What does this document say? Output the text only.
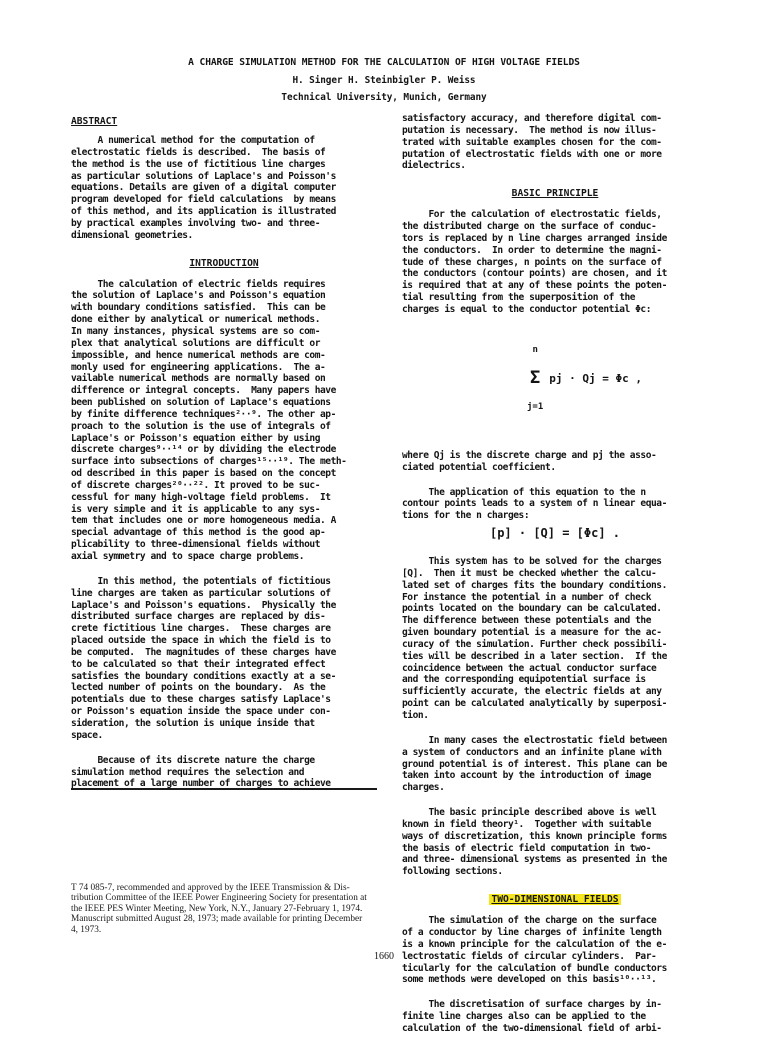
A CHARGE SIMULATION METHOD FOR THE CALCULATION OF HIGH VOLTAGE FIELDS
H. Singer H. Steinbigler P. Weiss
Technical University, Munich, Germany
ABSTRACT
A numerical method for the computation of
electrostatic fields is described.  The basis of
the method is the use of fictitious line charges
as particular solutions of Laplace's and Poisson's
equations. Details are given of a digital computer
program developed for field calculations  by means
of this method, and its application is illustrated
by practical examples involving two- and three-
dimensional geometries.
INTRODUCTION
The calculation of electric fields requires
the solution of Laplace's and Poisson's equation
with boundary conditions satisfied.  This can be
done either by analytical or numerical methods.
In many instances, physical systems are so com-
plex that analytical solutions are difficult or
impossible, and hence numerical methods are com-
monly used for engineering applications.  The a-
vailable numerical methods are normally based on
difference or integral concepts.  Many papers have
been published on solution of Laplace's equations
by finite difference techniques²··⁹. The other ap-
proach to the solution is the use of integrals of
Laplace's or Poisson's equation either by using
discrete charges⁹··¹⁴ or by dividing the electrode
surface into subsections of charges¹⁵··¹⁹. The meth-
od described in this paper is based on the concept
of discrete charges²⁰··²². It proved to be suc-
cessful for many high-voltage field problems.  It
is very simple and it is applicable to any sys-
tem that includes one or more homogeneous media. A
special advantage of this method is the good ap-
plicability to three-dimensional fields without
axial symmetry and to space charge problems.
In this method, the potentials of fictitious
line charges are taken as particular solutions of
Laplace's and Poisson's equations.  Physically the
distributed surface charges are replaced by dis-
crete fictitious line charges.  These charges are
placed outside the space in which the field is to
be computed.  The magnitudes of these charges have
to be calculated so that their integrated effect
satisfies the boundary conditions exactly at a se-
lected number of points on the boundary.  As the
potentials due to these charges satisfy Laplace's
or Poisson's equation inside the space under con-
sideration, the solution is unique inside that
space.
Because of its discrete nature the charge
simulation method requires the selection and
placement of a large number of charges to achieve
T 74 085-7, recommended and approved by the IEEE Transmission & Dis-
tribution Committee of the IEEE Power Engineering Society for presentation at
the IEEE PES Winter Meeting, New York, N.Y., January 27-February 1, 1974.
Manuscript submitted August 28, 1973; made available for printing December
4, 1973.
satisfactory accuracy, and therefore digital com-
putation is necessary.  The method is now illus-
trated with suitable examples chosen for the com-
putation of electrostatic fields with one or more
dielectrics.
BASIC PRINCIPLE
For the calculation of electrostatic fields,
the distributed charge on the surface of conduc-
tors is replaced by n line charges arranged inside
the conductors.  In order to determine the magni-
tude of these charges, n points on the surface of
the conductors (contour points) are chosen, and it
is required that at any of these points the poten-
tial resulting from the superposition of the
charges is equal to the conductor potential Φc:

n

Σ

j=1
pj · Qj = Φc ,

where Qj is the discrete charge and pj the asso-
ciated potential coefficient.
The application of this equation to the n
contour points leads to a system of n linear equa-
tions for the n charges:
[p] · [Q] = [Φc] .
This system has to be solved for the charges
[Q].  Then it must be checked whether the calcu-
lated set of charges fits the boundary conditions.
For instance the potential in a number of check
points located on the boundary can be calculated.
The difference between these potentials and the
given boundary potential is a measure for the ac-
curacy of the simulation. Further check possibili-
ties will be described in a later section.  If the
coincidence between the actual conductor surface
and the corresponding equipotential surface is
sufficiently accurate, the electric fields at any
point can be calculated analytically by superposi-
tion.
In many cases the electrostatic field between
a system of conductors and an infinite plane with
ground potential is of interest. This plane can be
taken into account by the introduction of image
charges.
The basic principle described above is well
known in field theory¹.  Together with suitable
ways of discretization, this known principle forms
the basis of electric field computation in two-
and three- dimensional systems as presented in the
following sections.
TWO-DIMENSIONAL FIELDS
The simulation of the charge on the surface
of a conductor by line charges of infinite length
is a known principle for the calculation of the e-
lectrostatic fields of circular cylinders.  Par-
ticularly for the calculation of bundle conductors
some methods were developed on this basis¹⁰··¹³.
The discretisation of surface charges by in-
finite line charges also can be applied to the
calculation of the two-dimensional field of arbi-
1660
